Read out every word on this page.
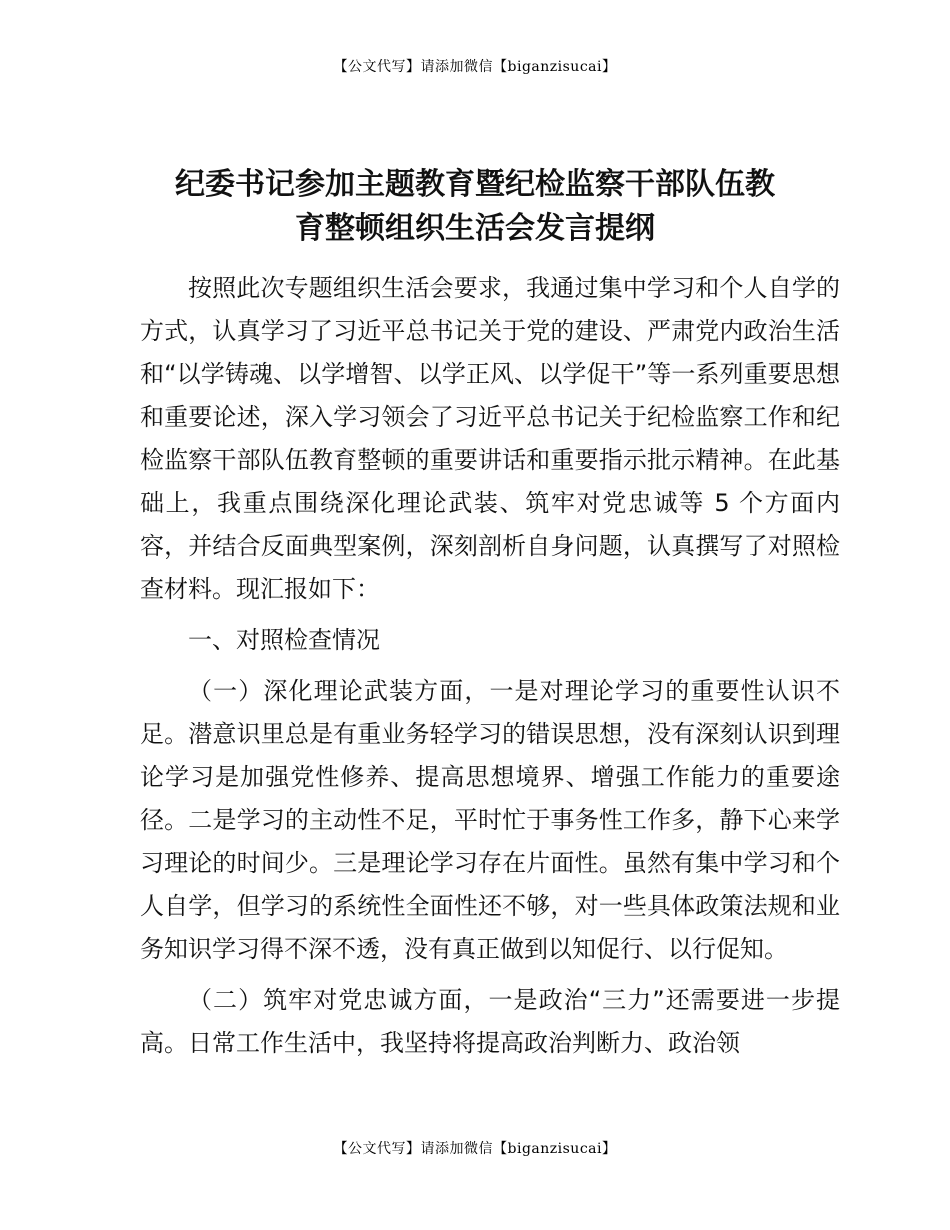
【公文代写】请添加微信【biganzisucai】
纪委书记参加主题教育暨纪检监察干部队伍教
育整顿组织生活会发言提纲

按照此次专题组织生活会要求，我通过集中学习和个人自学的方式，认真学习了习近平总书记关于党的建设、严肃党内政治生活和“以学铸魂、以学增智、以学正风、以学促干”等一系列重要思想和重要论述，深入学习领会了习近平总书记关于纪检监察工作和纪检监察干部队伍教育整顿的重要讲话和重要指示批示精神。在此基础上，我重点围绕深化理论武装、筑牢对党忠诚等 5 个方面内容，并结合反面典型案例，深刻剖析自身问题，认真撰写了对照检查材料。现汇报如下：

一、对照检查情况

（一）深化理论武装方面，一是对理论学习的重要性认识不足。潜意识里总是有重业务轻学习的错误思想，没有深刻认识到理论学习是加强党性修养、提高思想境界、增强工作能力的重要途径。二是学习的主动性不足，平时忙于事务性工作多，静下心来学习理论的时间少。三是理论学习存在片面性。虽然有集中学习和个人自学，但学习的系统性全面性还不够，对一些具体政策法规和业务知识学习得不深不透，没有真正做到以知促行、以行促知。

（二）筑牢对党忠诚方面，一是政治“三力”还需要进一步提高。日常工作生活中，我坚持将提高政治判断力、政治领

【公文代写】请添加微信【biganzisucai】
